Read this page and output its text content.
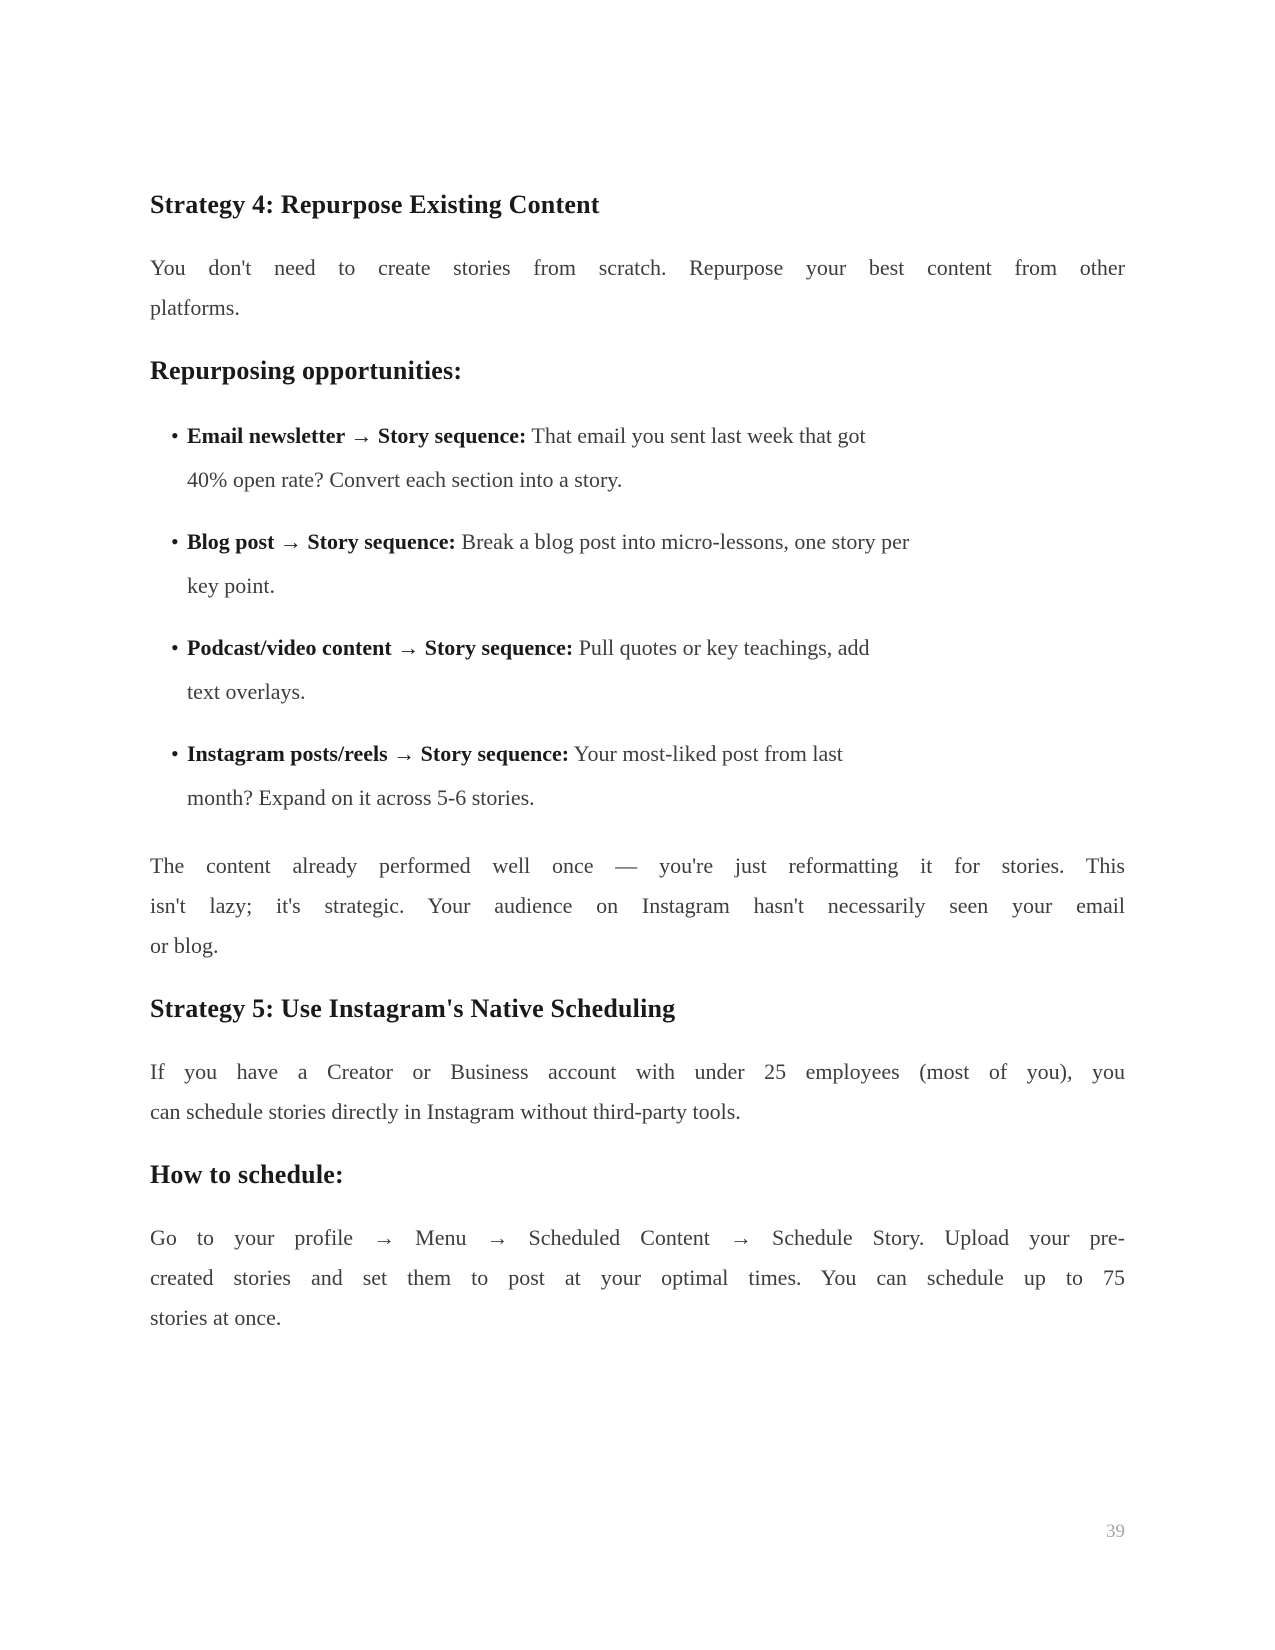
Strategy 4: Repurpose Existing Content
You don't need to create stories from scratch. Repurpose your best content from other
platforms.
Repurposing opportunities:
• Email newsletter → Story sequence: That email you sent last week that got
40% open rate? Convert each section into a story.
• Blog post → Story sequence: Break a blog post into micro-lessons, one story per
key point.
• Podcast/video content → Story sequence: Pull quotes or key teachings, add
text overlays.
• Instagram posts/reels → Story sequence: Your most-liked post from last
month? Expand on it across 5-6 stories.
The content already performed well once — you're just reformatting it for stories. This
isn't lazy; it's strategic. Your audience on Instagram hasn't necessarily seen your email
or blog.
Strategy 5: Use Instagram's Native Scheduling
If you have a Creator or Business account with under 25 employees (most of you), you
can schedule stories directly in Instagram without third-party tools.
How to schedule:
Go to your profile → Menu → Scheduled Content → Schedule Story. Upload your pre-
created stories and set them to post at your optimal times. You can schedule up to 75
stories at once.
39
